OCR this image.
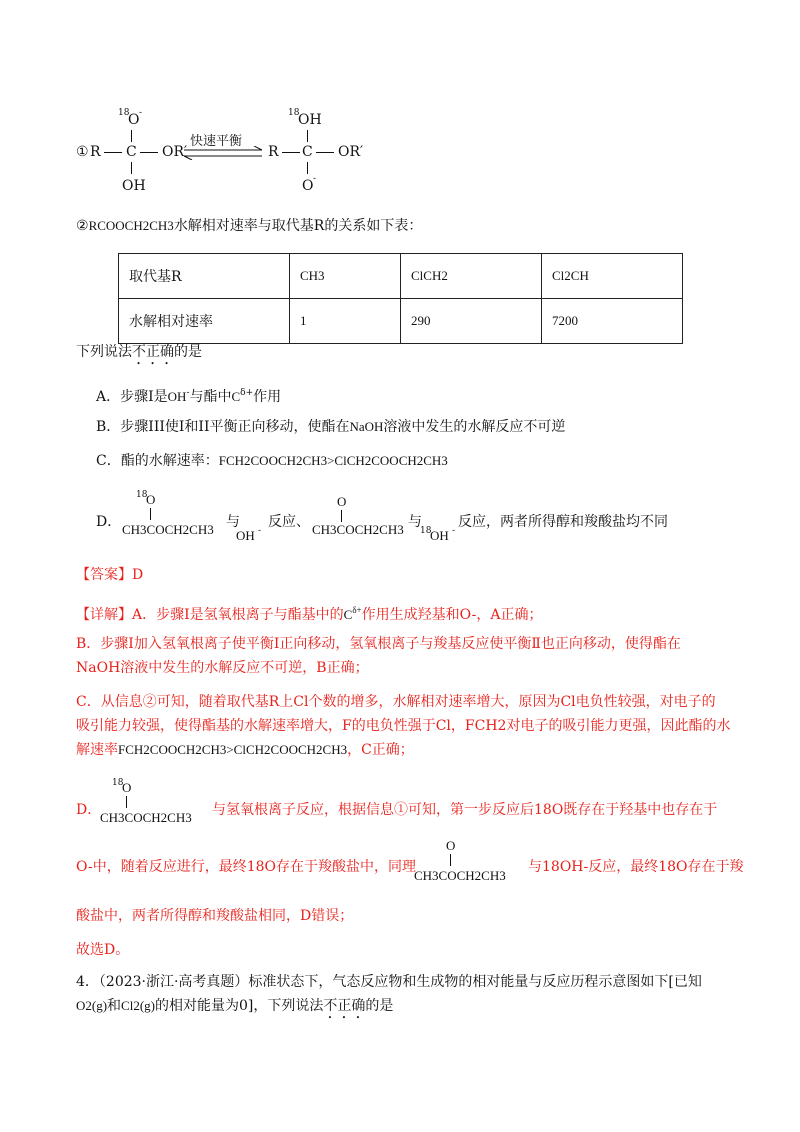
① R C OR′
18
O -
OH
快速平衡
R C OR′
18
OH
O -
②RCOOCH2CH3水解相对速率与取代基R的关系如下表：
取代基R	CH3	ClCH2	Cl2CH
水解相对速率	1	290	7200
下列说法不正确的是
A．步骤I是OH-与酯中$C^{\delta+}$作用
B．步骤III使I和II平衡正向移动，使酯在NaOH溶液中发生的水解反应不可逆
C．酯的水解速率：FCH2COOCH2CH3>ClCH2COOCH2CH3
D．
18
O
CH3COCH2CH3 与
OH -
反应、
O
CH3COCH2CH3 与
18
OH -
反应，两者所得醇和羧酸盐均不同
【答案】D
【详解】A．步骤Ⅰ是氢氧根离子与酯基中的$C^{\delta+}$作用生成羟基和O-，A正确；
B．步骤Ⅰ加入氢氧根离子使平衡Ⅰ正向移动，氢氧根离子与羧基反应使平衡Ⅱ也正向移动，使得酯在
NaOH溶液中发生的水解反应不可逆，B正确；
C．从信息②可知，随着取代基R上Cl个数的增多，水解相对速率增大，原因为Cl电负性较强，对电子的
吸引能力较强，使得酯基的水解速率增大，F的电负性强于Cl，FCH2对电子的吸引能力更强，因此酯的水
解速率FCH2COOCH2CH3>ClCH2COOCH2CH3，C正确；
D．
18
O
CH3COCH2CH3 与氢氧根离子反应，根据信息①可知，第一步反应后18O既存在于羟基中也存在于
O-中，随着反应进行，最终18O存在于羧酸盐中，同理
O
CH3COCH2CH3
与18OH-反应，最终18O存在于羧
酸盐中，两者所得醇和羧酸盐相同，D错误；
故选D。
4．（2023·浙江·高考真题）标准状态下，气态反应物和生成物的相对能量与反应历程示意图如下[已知
O2(g)和Cl2(g)的相对能量为0]，下列说法不正确的是
